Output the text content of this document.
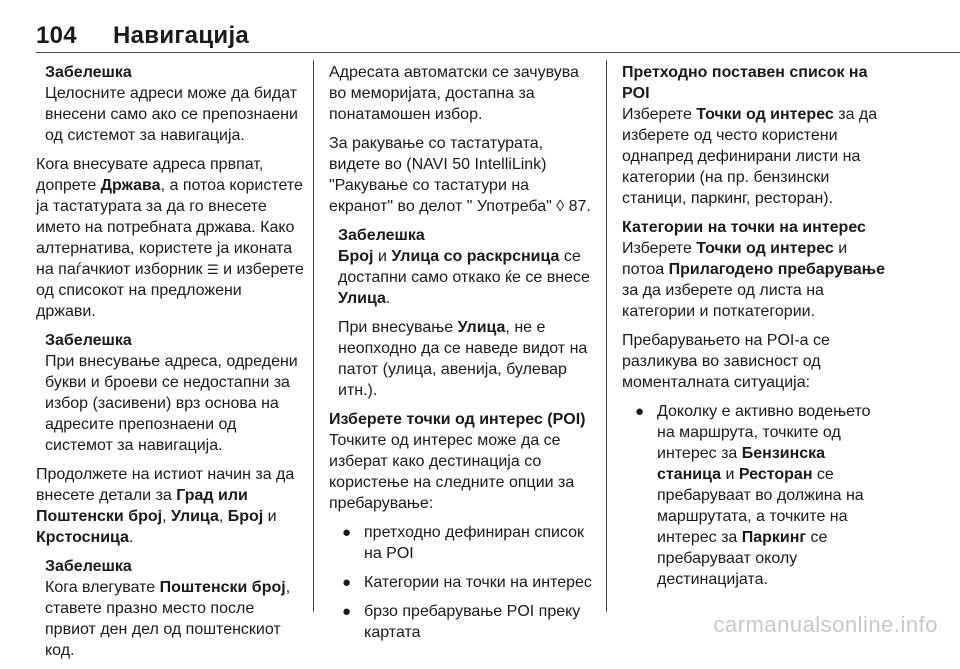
104 Навигација
Забелешка
Целосните адреси може да бидат внесени само ако се препознаени од системот за навигација.

Кога внесувате адреса првпат, допрете Држава, а потоа користете ја тастатурата за да го внесете името на потребната држава. Како алтернатива, користете ја иконата на паѓачкиот изборник ☰ и изберете од списокот на предложени држави.

Забелешка
При внесување адреса, одредени букви и броеви се недостапни за избор (засивени) врз основа на адресите препознаени од системот за навигација.

Продолжете на истиот начин за да внесете детали за Град или Поштенски број, Улица, Број и Крстосница.

Забелешка
Кога влегувате Поштенски број, ставете празно место после првиот ден дел од поштенскиот код.

Адресата автоматски се зачувува во меморијата, достапна за понатамошен избор.

За ракување со тастатурата, видете во (NAVI 50 IntelliLink) "Ракување со тастатури на екранот" во делот " Употреба" ◊ 87.

Забелешка
Број и Улица со раскрсница се достапни само откако ќе се внесе Улица.
При внесување Улица, не е неопходно да се наведе видот на патот (улица, авенија, булевар итн.).

Изберете точки од интерес (POI)
Точките од интерес може да се изберат како дестинација со користење на следните опции за пребарување:

● претходно дефиниран список на POI
● Категории на точки на интерес
● брзо пребарување POI преку картата

Претходно поставен список на POI
Изберете Точки од интерес за да изберете од често користени однапред дефинирани листи на категории (на пр. бензински станици, паркинг, ресторан).

Категории на точки на интерес
Изберете Точки од интерес и потоа Прилагодено пребарување за да изберете од листа на категории и поткатегории.

Пребарувањето на POI-а се разликува во зависност од моменталната ситуација:

● Доколку е активно водењето на маршрута, точките од интерес за Бензинска станица и Ресторан се пребаруваат во должина на маршрутата, а точките на интерес за Паркинг се пребаруваат околу дестинацијата.
carmanualsonline.info
